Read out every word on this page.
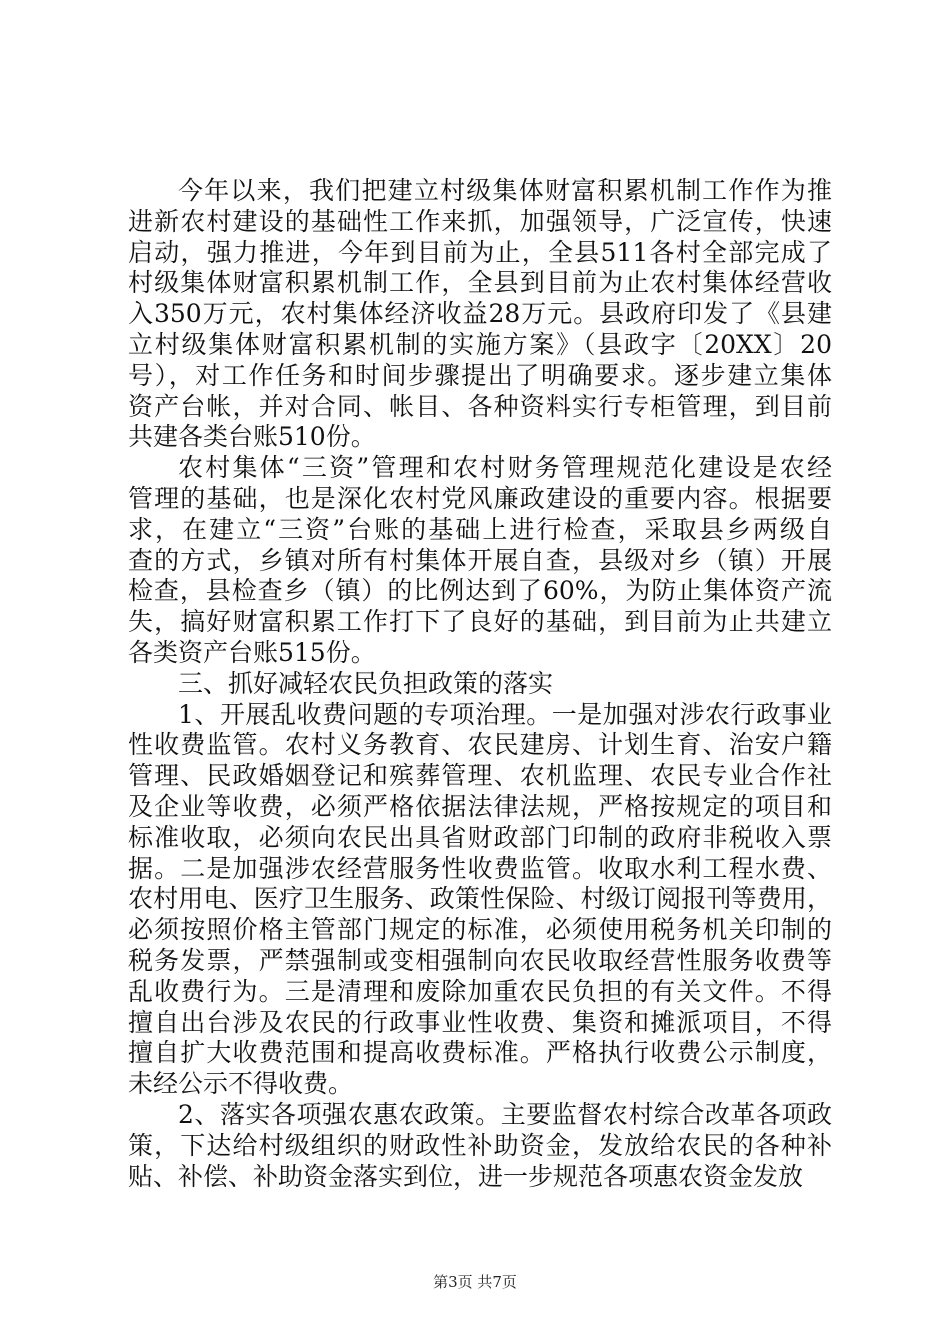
今年以来，我们把建立村级集体财富积累机制工作作为推
进新农村建设的基础性工作来抓，加强领导，广泛宣传，快速
启动，强力推进，今年到目前为止，全县511各村全部完成了
村级集体财富积累机制工作，全县到目前为止农村集体经营收
入350万元，农村集体经济收益28万元。县政府印发了《县建
立村级集体财富积累机制的实施方案》（县政字〔20XX〕20
号），对工作任务和时间步骤提出了明确要求。逐步建立集体
资产台帐，并对合同、帐目、各种资料实行专柜管理，到目前
共建各类台账510份。
农村集体“三资”管理和农村财务管理规范化建设是农经
管理的基础，也是深化农村党风廉政建设的重要内容。根据要
求，在建立“三资”台账的基础上进行检查，采取县乡两级自
查的方式，乡镇对所有村集体开展自查，县级对乡（镇）开展
检查，县检查乡（镇）的比例达到了60%，为防止集体资产流
失，搞好财富积累工作打下了良好的基础，到目前为止共建立
各类资产台账515份。
三、抓好减轻农民负担政策的落实
1、开展乱收费问题的专项治理。一是加强对涉农行政事业
性收费监管。农村义务教育、农民建房、计划生育、治安户籍
管理、民政婚姻登记和殡葬管理、农机监理、农民专业合作社
及企业等收费，必须严格依据法律法规，严格按规定的项目和
标准收取，必须向农民出具省财政部门印制的政府非税收入票
据。二是加强涉农经营服务性收费监管。收取水利工程水费、
农村用电、医疗卫生服务、政策性保险、村级订阅报刊等费用，
必须按照价格主管部门规定的标准，必须使用税务机关印制的
税务发票，严禁强制或变相强制向农民收取经营性服务收费等
乱收费行为。三是清理和废除加重农民负担的有关文件。不得
擅自出台涉及农民的行政事业性收费、集资和摊派项目，不得
擅自扩大收费范围和提高收费标准。严格执行收费公示制度，
未经公示不得收费。
2、落实各项强农惠农政策。主要监督农村综合改革各项政
策，下达给村级组织的财政性补助资金，发放给农民的各种补
贴、补偿、补助资金落实到位，进一步规范各项惠农资金发放
第3页 共7页
